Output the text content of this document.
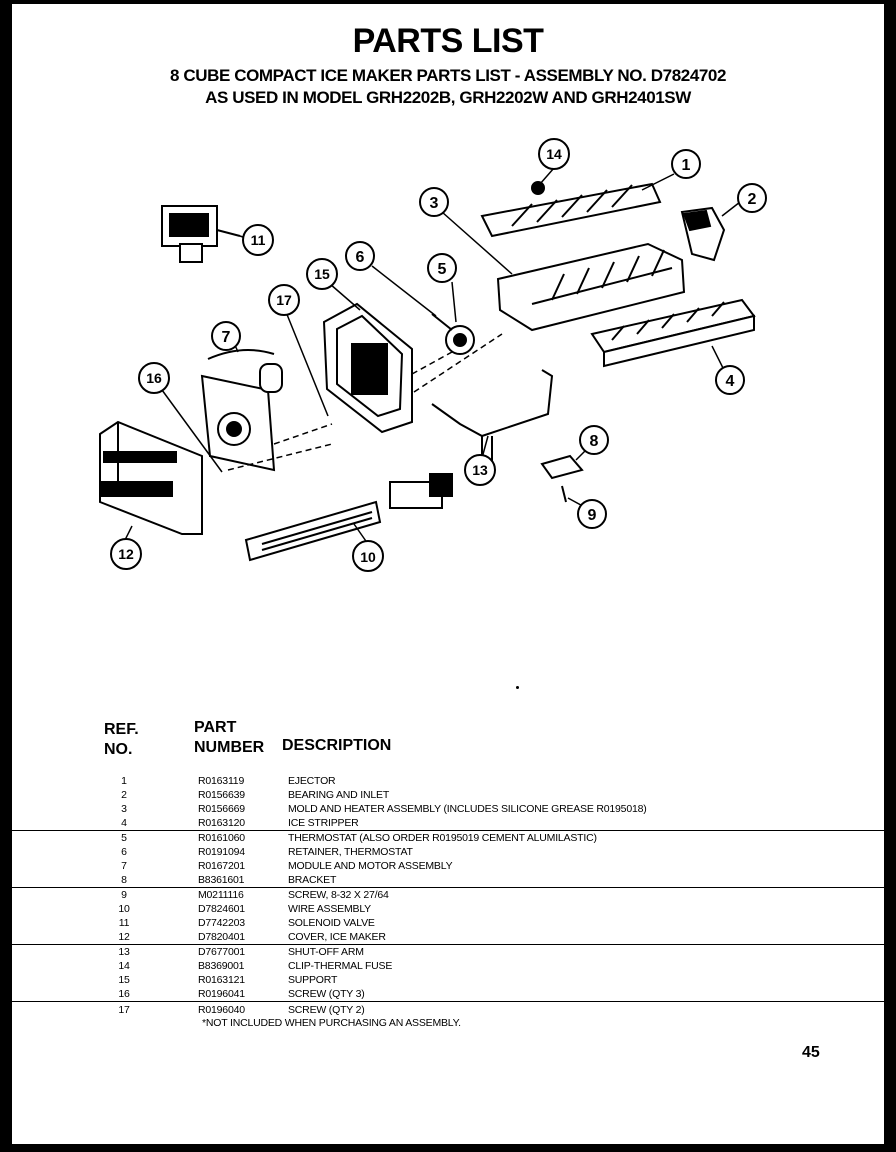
PARTS LIST
8 CUBE COMPACT ICE MAKER PARTS LIST - ASSEMBLY NO. D7824702
AS USED IN MODEL GRH2202B, GRH2202W AND GRH2401SW
1
2
3
4
5
6
7
8
9
10
11
12
13
14
15
16
17
REF.
NO.
PART
NUMBER DESCRIPTION
1	R0163119	EJECTOR
2	R0156639	BEARING AND INLET
3	R0156669	MOLD AND HEATER ASSEMBLY (INCLUDES SILICONE GREASE R0195018)
4	R0163120	ICE STRIPPER
5	R0161060	THERMOSTAT (ALSO ORDER R0195019 CEMENT ALUMILASTIC)
6	R0191094	RETAINER, THERMOSTAT
7	R0167201	MODULE AND MOTOR ASSEMBLY
8	B8361601	BRACKET
9	M0211116	SCREW, 8-32 X 27/64
10	D7824601	WIRE ASSEMBLY
11	D7742203	SOLENOID VALVE
12	D7820401	COVER, ICE MAKER
13	D7677001	SHUT-OFF ARM
14	B8369001	CLIP-THERMAL FUSE
15	R0163121	SUPPORT
16	R0196041	SCREW (QTY 3)
17	R0196040	SCREW (QTY 2)
*NOT INCLUDED WHEN PURCHASING AN ASSEMBLY.
45
